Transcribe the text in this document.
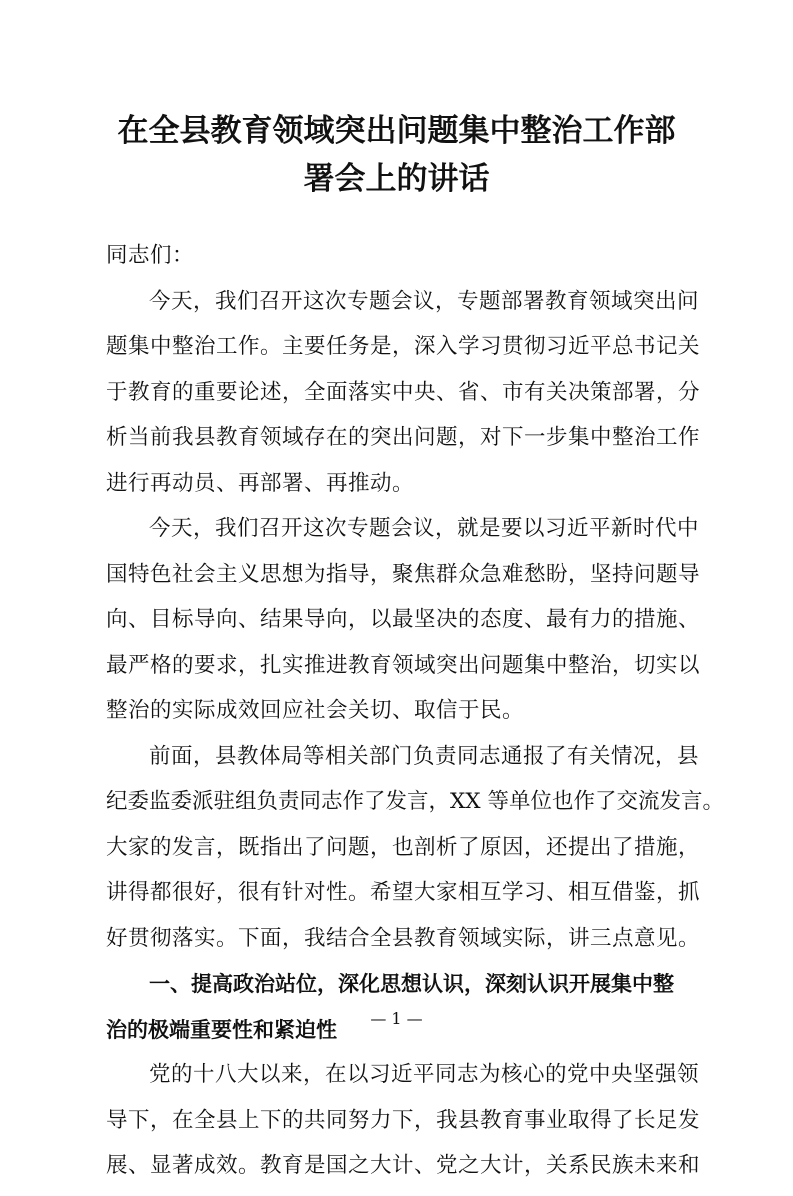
在全县教育领域突出问题集中整治工作部
署会上的讲话
同志们：
今天，我们召开这次专题会议，专题部署教育领域突出问
题集中整治工作。主要任务是，深入学习贯彻习近平总书记关
于教育的重要论述，全面落实中央、省、市有关决策部署，分
析当前我县教育领域存在的突出问题，对下一步集中整治工作
进行再动员、再部署、再推动。
今天，我们召开这次专题会议，就是要以习近平新时代中
国特色社会主义思想为指导，聚焦群众急难愁盼，坚持问题导
向、目标导向、结果导向，以最坚决的态度、最有力的措施、
最严格的要求，扎实推进教育领域突出问题集中整治，切实以
整治的实际成效回应社会关切、取信于民。
前面，县教体局等相关部门负责同志通报了有关情况，县
纪委监委派驻组负责同志作了发言，XX 等单位也作了交流发言。
大家的发言，既指出了问题，也剖析了原因，还提出了措施，
讲得都很好，很有针对性。希望大家相互学习、相互借鉴，抓
好贯彻落实。下面，我结合全县教育领域实际，讲三点意见。
一、提高政治站位，深化思想认识，深刻认识开展集中整
治的极端重要性和紧迫性
党的十八大以来，在以习近平同志为核心的党中央坚强领
导下，在全县上下的共同努力下，我县教育事业取得了长足发
展、显著成效。教育是国之大计、党之大计，关系民族未来和
— 1 —
